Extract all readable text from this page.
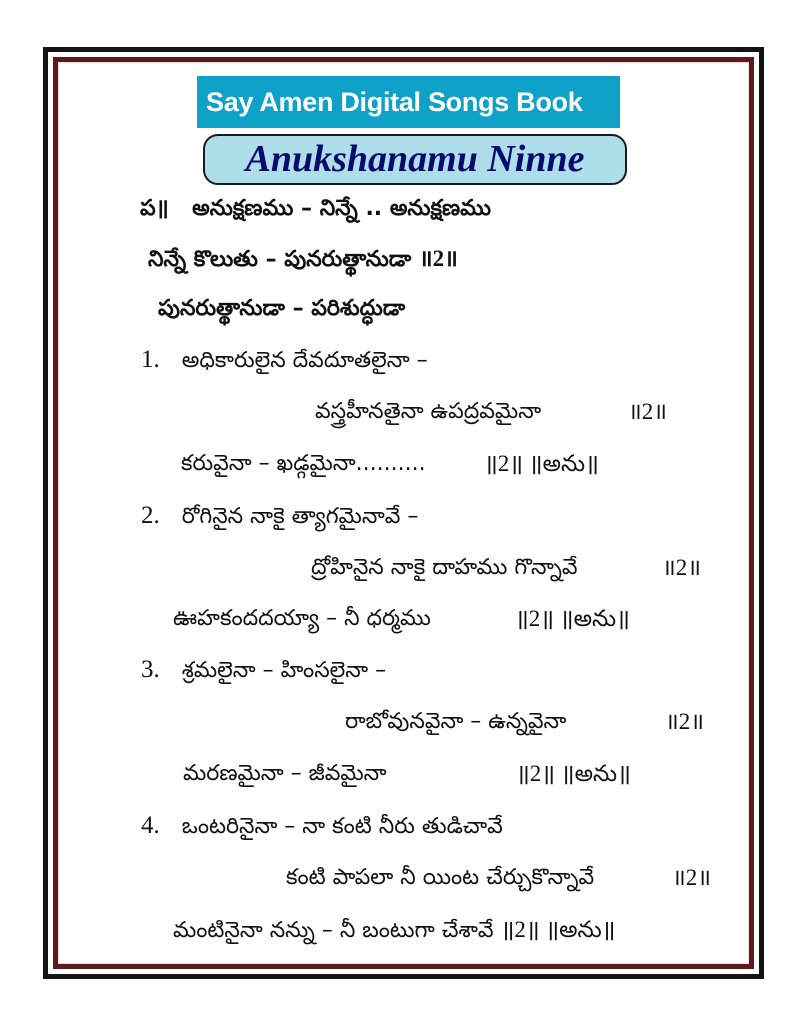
Say Amen Digital Songs Book
Anukshanamu Ninne
ప॥ అనుక్షణము – నిన్నే .. అనుక్షణము
నిన్నే కొలుతు – పునరుత్థానుడా ॥2॥
పునరుత్థానుడా – పరిశుద్ధుడా
1. అధికారులైన దేవదూతలైనా –
వస్త్రహీనతైనా ఉపద్రవమైనా	॥2॥
కరువైనా – ఖడ్గమైనా..........	॥2॥ ॥అను॥
2. రోగినైన నాకై త్యాగమైనావే –
ద్రోహినైన నాకై దాహము గొన్నావే	॥2॥
ఊహకందదయ్యా – నీ ధర్మము	॥2॥ ॥అను॥
3. శ్రమలైనా – హింసలైనా –
రాబోవునవైనా – ఉన్నవైనా	॥2॥
మరణమైనా – జీవమైనా	॥2॥ ॥అను॥
4. ఒంటరినైనా – నా కంటి నీరు తుడిచావే
కంటి పాపలా నీ యింట చేర్చుకొన్నావే	॥2॥
మంటినైనా నన్ను – నీ బంటుగా చేశావే ॥2॥ ॥అను॥
